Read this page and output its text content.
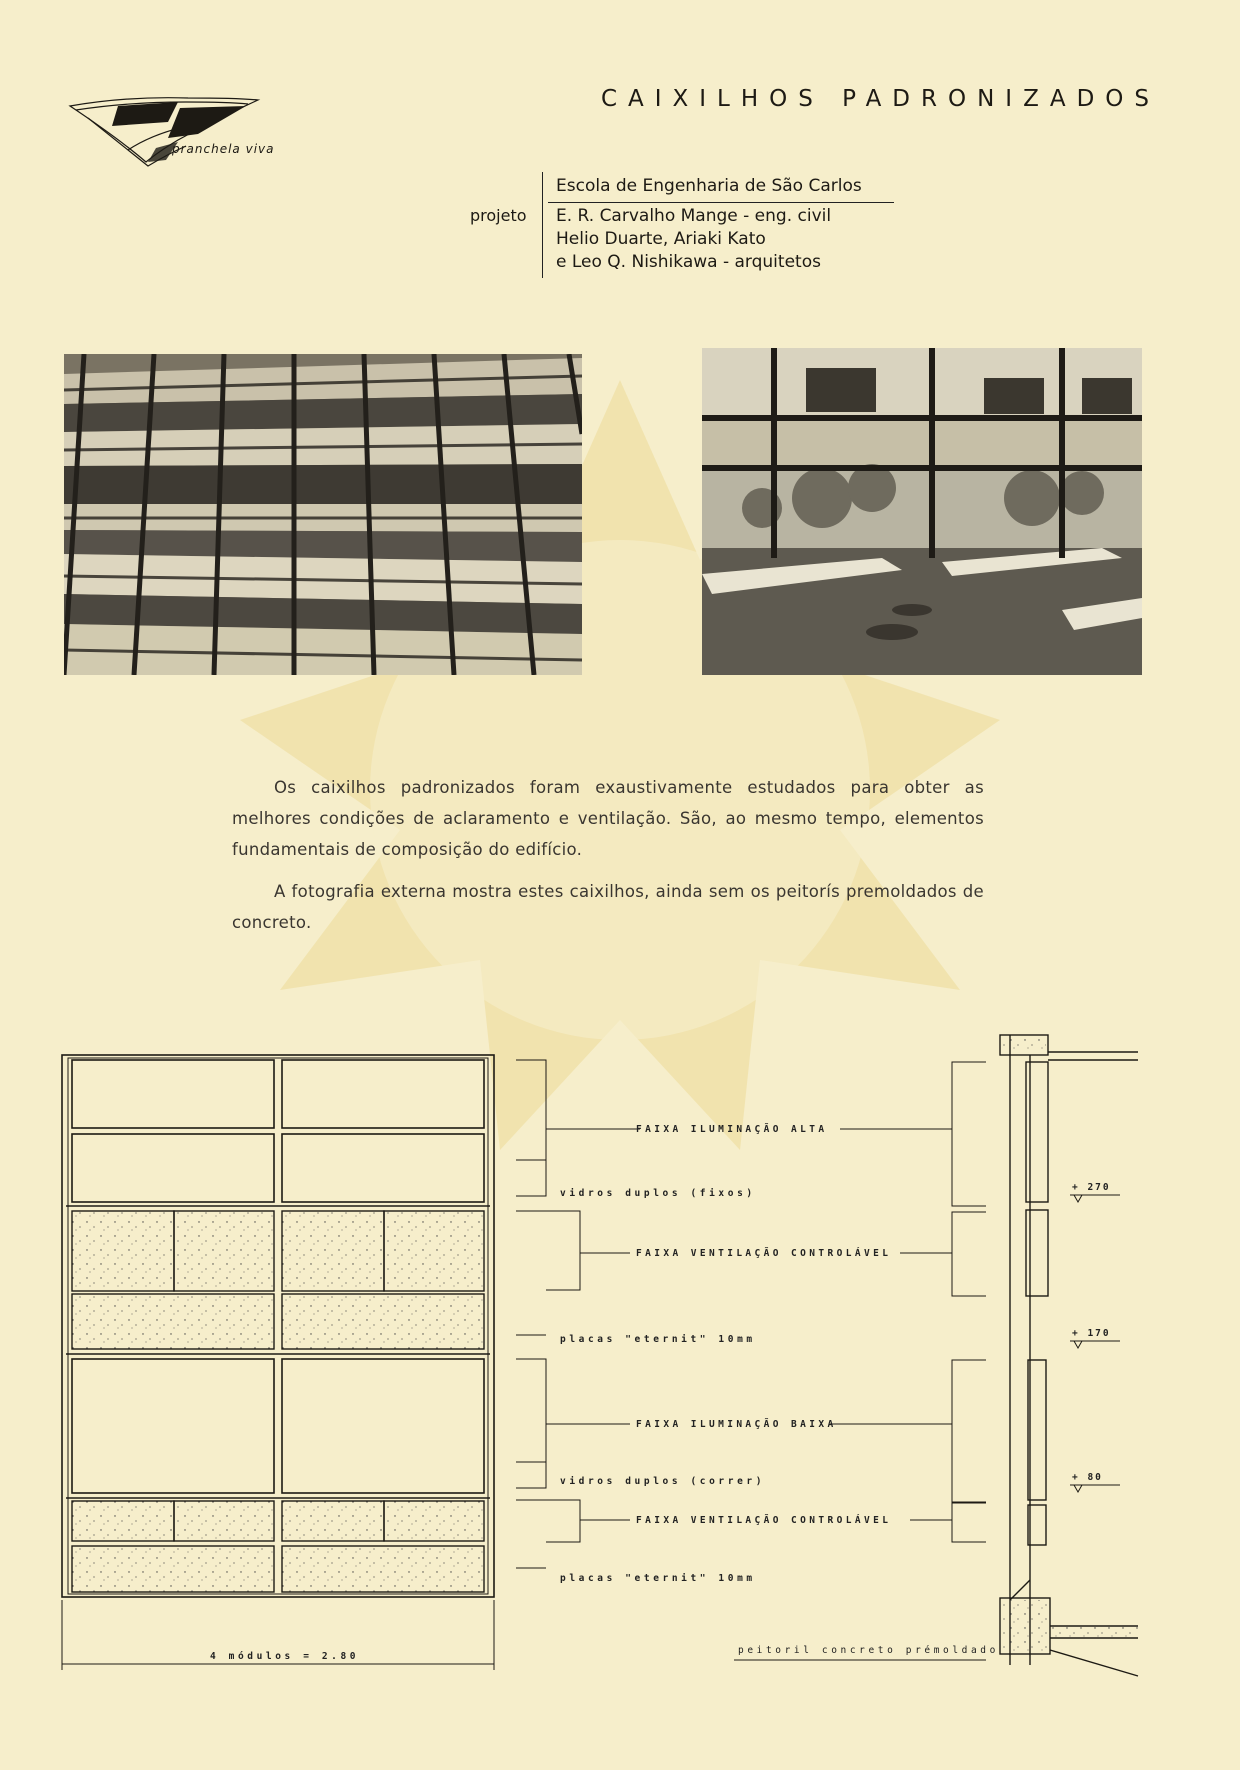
pranchela viva
CAIXILHOS PADRONIZADOS
projeto
Escola de Engenharia de São Carlos
E. R. Carvalho Mange - eng. civil
Helio Duarte, Ariaki Kato
e Leo Q. Nishikawa - arquitetos
Os caixilhos padronizados foram exaustivamente estudados para obter as melhores condições de aclaramento e ventilação. São, ao mesmo tempo, elementos fundamentais de composição do edifício.
A fotografia externa mostra estes caixilhos, ainda sem os peitorís premoldados de concreto.
FAIXA ILUMINAÇÃO ALTA
vidros duplos (fixos)
FAIXA VENTILAÇÃO CONTROLÁVEL
placas "eternit" 10mm
FAIXA ILUMINAÇÃO BAIXA
vidros duplos (correr)
FAIXA VENTILAÇÃO CONTROLÁVEL
placas "eternit" 10mm
+ 270
+ 170
+ 80
4 módulos = 2.80
peitoril concreto prémoldado
